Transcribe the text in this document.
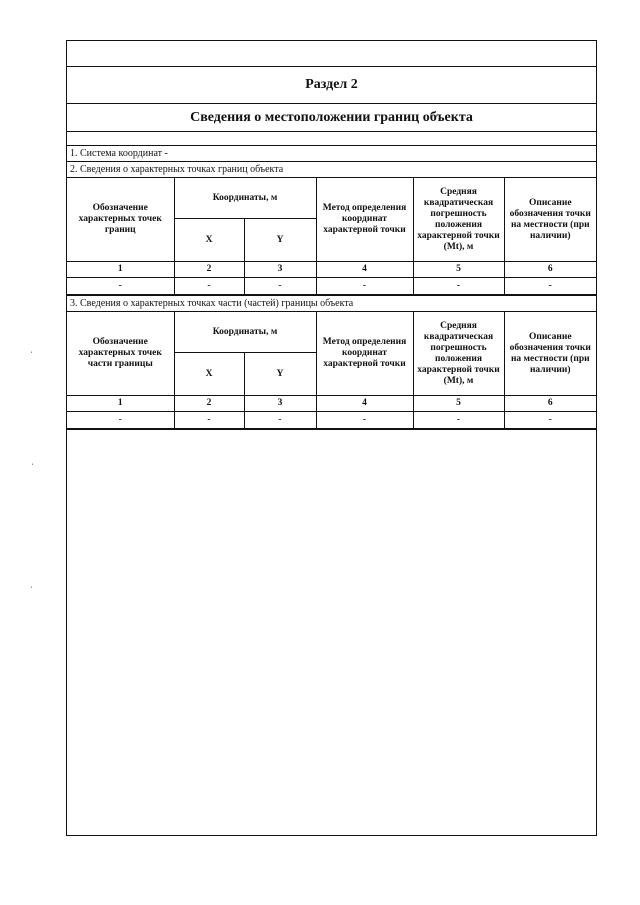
Раздел 2
Сведения о местоположении границ объекта
1. Система координат -
2. Сведения о характерных точках границ объекта
Обозначение характерных точек границ	Координаты, м		Метод определения координат характерной точки	Средняя квадратическая погрешность положения характерной точки (Mt), м	Описание обозначения точки на местности (при наличии)
	X	Y			
1	2	3	4	5	6
-	-	-	-	-	-
3. Сведения о характерных точках части (частей) границы объекта
Обозначение характерных точек части границы	Координаты, м		Метод определения координат характерной точки	Средняя квадратическая погрешность положения характерной точки (Mt), м	Описание обозначения точки на местности (при наличии)
	X	Y			
1	2	3	4	5	6
-	-	-	-	-	-
ˌ
ˌ
ˌ
